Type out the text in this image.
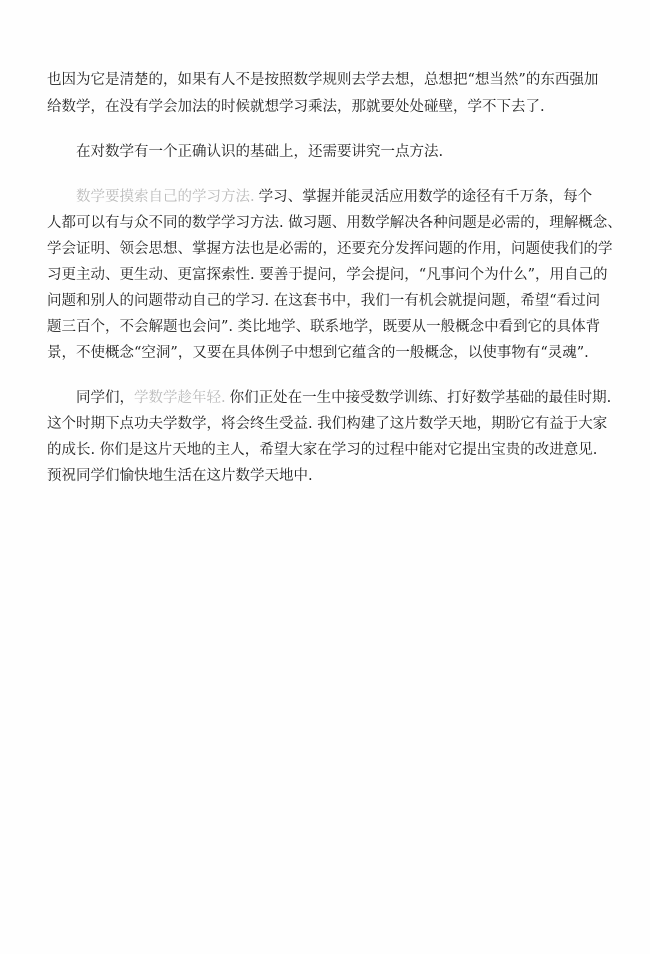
也因为它是清楚的，如果有人不是按照数学规则去学去想，总想把“想当然”的东西强加
给数学，在没有学会加法的时候就想学习乘法，那就要处处碰壁，学不下去了.
在对数学有一个正确认识的基础上，还需要讲究一点方法.
数学要摸索自己的学习方法. 学习、掌握并能灵活应用数学的途径有千万条，每个
人都可以有与众不同的数学学习方法. 做习题、用数学解决各种问题是必需的，理解概念、
学会证明、领会思想、掌握方法也是必需的，还要充分发挥问题的作用，问题使我们的学
习更主动、更生动、更富探索性. 要善于提问，学会提问，“凡事问个为什么”，用自己的
问题和别人的问题带动自己的学习. 在这套书中，我们一有机会就提问题，希望“看过问
题三百个，不会解题也会问”. 类比地学、联系地学，既要从一般概念中看到它的具体背
景，不使概念“空洞”，又要在具体例子中想到它蕴含的一般概念，以使事物有“灵魂”.
同学们，学数学趁年轻. 你们正处在一生中接受数学训练、打好数学基础的最佳时期.
这个时期下点功夫学数学，将会终生受益. 我们构建了这片数学天地，期盼它有益于大家
的成长. 你们是这片天地的主人，希望大家在学习的过程中能对它提出宝贵的改进意见.
预祝同学们愉快地生活在这片数学天地中.
